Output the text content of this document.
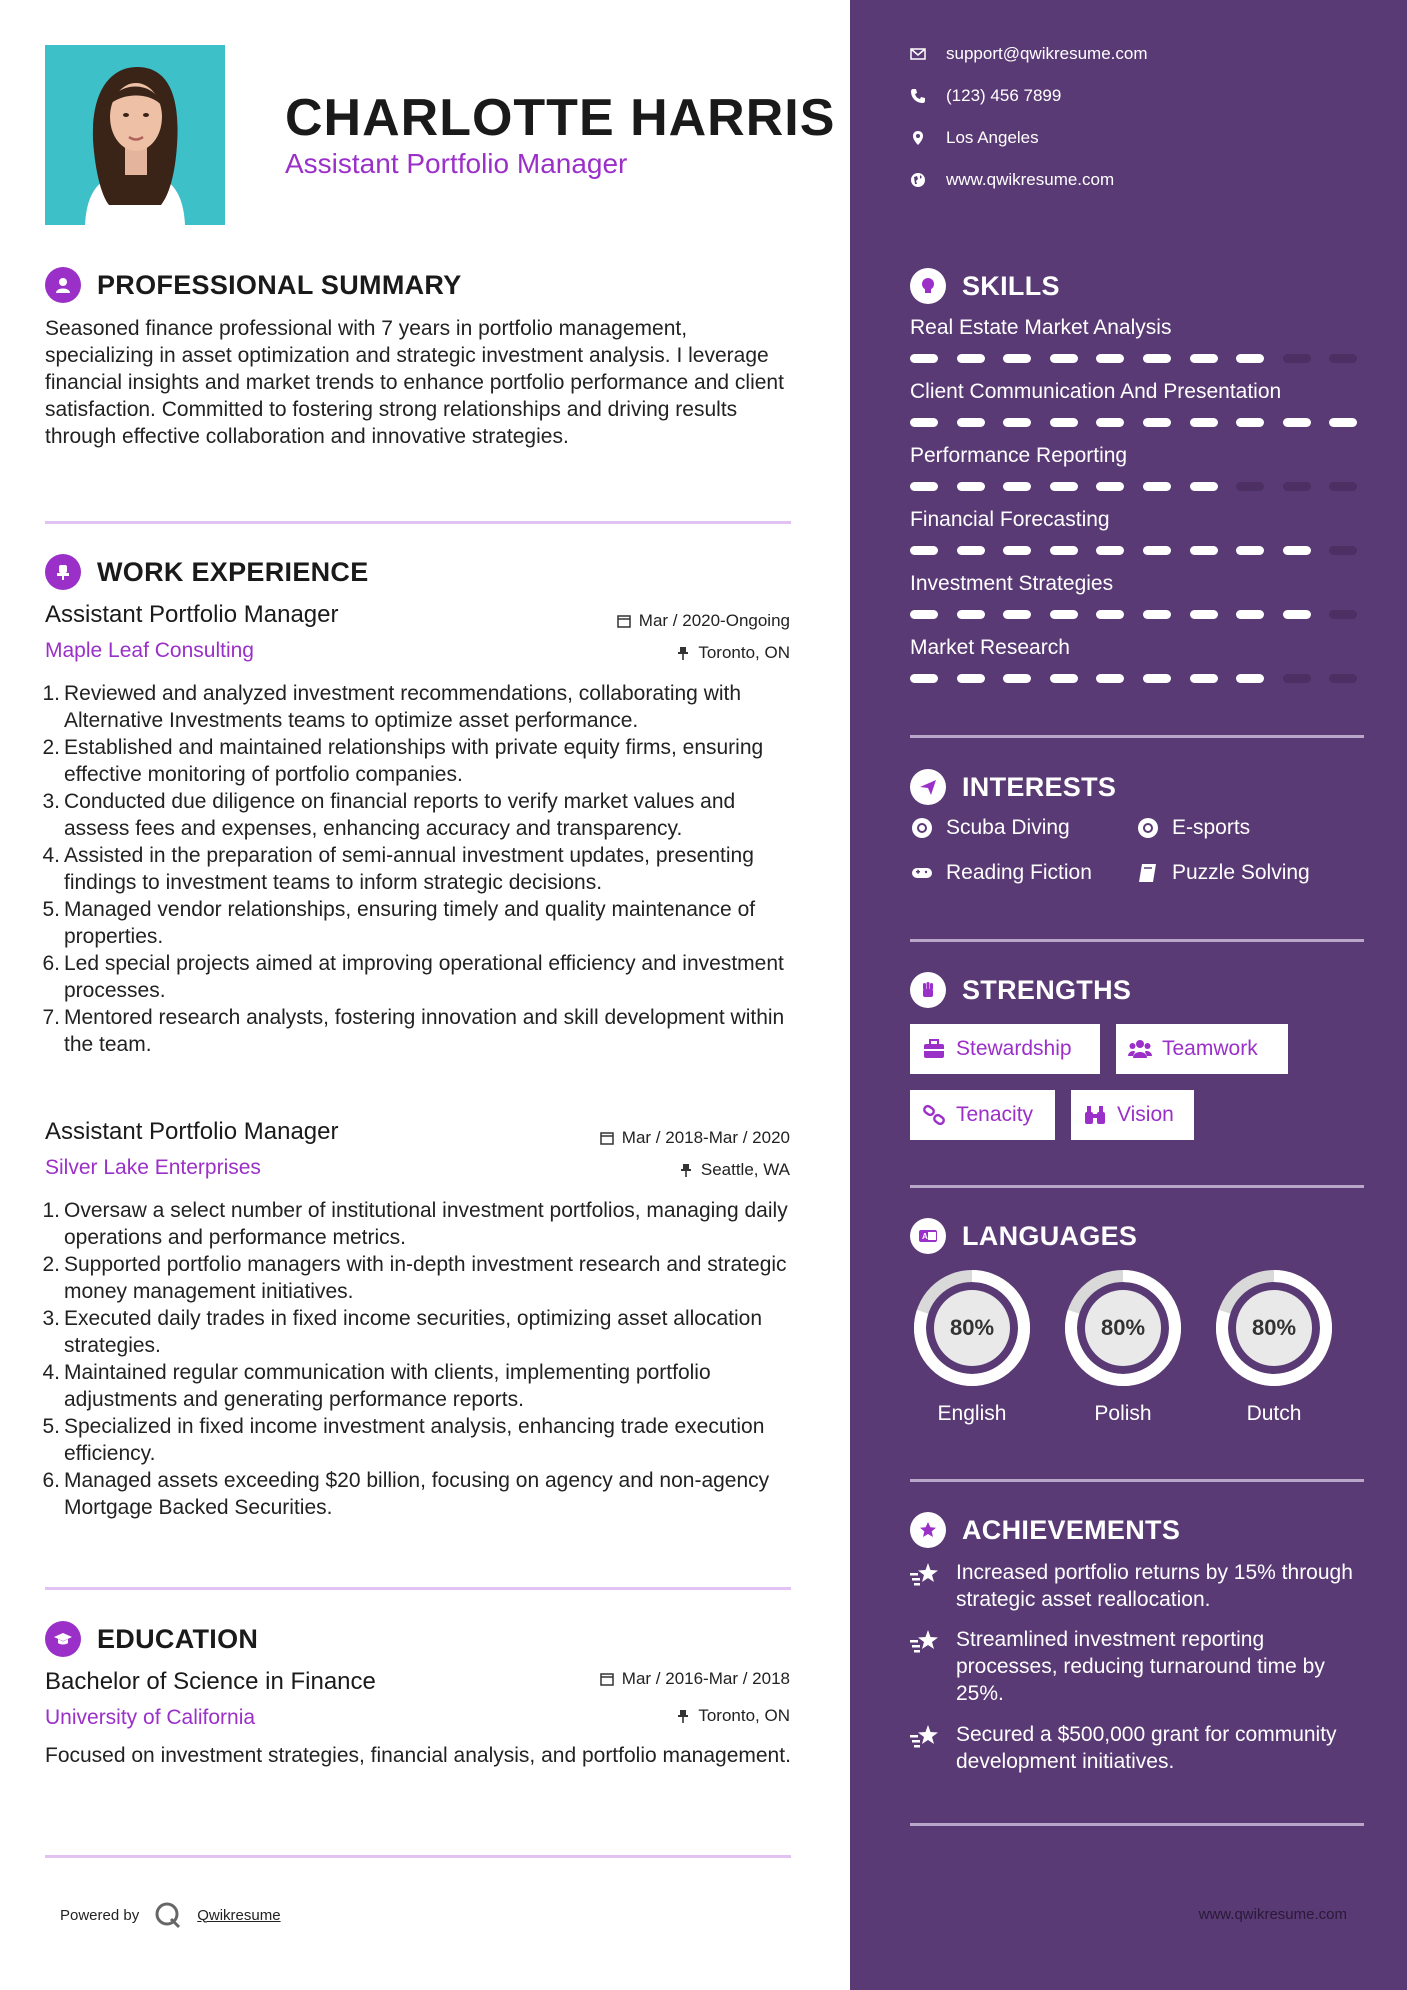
CHARLOTTE HARRIS
Assistant Portfolio Manager
PROFESSIONAL SUMMARY
Seasoned finance professional with 7 years in portfolio management, specializing in asset optimization and strategic investment analysis. I leverage financial insights and market trends to enhance portfolio performance and client satisfaction. Committed to fostering strong relationships and driving results through effective collaboration and innovative strategies.
WORK EXPERIENCE
Assistant Portfolio Manager	Mar / 2020-Ongoing
Maple Leaf Consulting	Toronto, ON
1. Reviewed and analyzed investment recommendations, collaborating with Alternative Investments teams to optimize asset performance.
2. Established and maintained relationships with private equity firms, ensuring effective monitoring of portfolio companies.
3. Conducted due diligence on financial reports to verify market values and assess fees and expenses, enhancing accuracy and transparency.
4. Assisted in the preparation of semi-annual investment updates, presenting findings to investment teams to inform strategic decisions.
5. Managed vendor relationships, ensuring timely and quality maintenance of properties.
6. Led special projects aimed at improving operational efficiency and investment processes.
7. Mentored research analysts, fostering innovation and skill development within the team.
Assistant Portfolio Manager	Mar / 2018-Mar / 2020
Silver Lake Enterprises	Seattle, WA
1. Oversaw a select number of institutional investment portfolios, managing daily operations and performance metrics.
2. Supported portfolio managers with in-depth investment research and strategic money management initiatives.
3. Executed daily trades in fixed income securities, optimizing asset allocation strategies.
4. Maintained regular communication with clients, implementing portfolio adjustments and generating performance reports.
5. Specialized in fixed income investment analysis, enhancing trade execution efficiency.
6. Managed assets exceeding $20 billion, focusing on agency and non-agency Mortgage Backed Securities.
EDUCATION
Bachelor of Science in Finance	Mar / 2016-Mar / 2018
University of California	Toronto, ON
Focused on investment strategies, financial analysis, and portfolio management.
Powered by	Qwikresume
support@qwikresume.com
(123) 456 7899
Los Angeles
www.qwikresume.com
SKILLS
Real Estate Market Analysis
Client Communication And Presentation
Performance Reporting
Financial Forecasting
Investment Strategies
Market Research
INTERESTS
Scuba Diving	E-sports
Reading Fiction	Puzzle Solving
STRENGTHS
Stewardship	Teamwork
Tenacity	Vision
A LANGUAGES
80%
English
80%
Polish
80%
Dutch
ACHIEVEMENTS
Increased portfolio returns by 15% through strategic asset reallocation.
Streamlined investment reporting processes, reducing turnaround time by 25%.
Secured a $500,000 grant for community development initiatives.
www.qwikresume.com
